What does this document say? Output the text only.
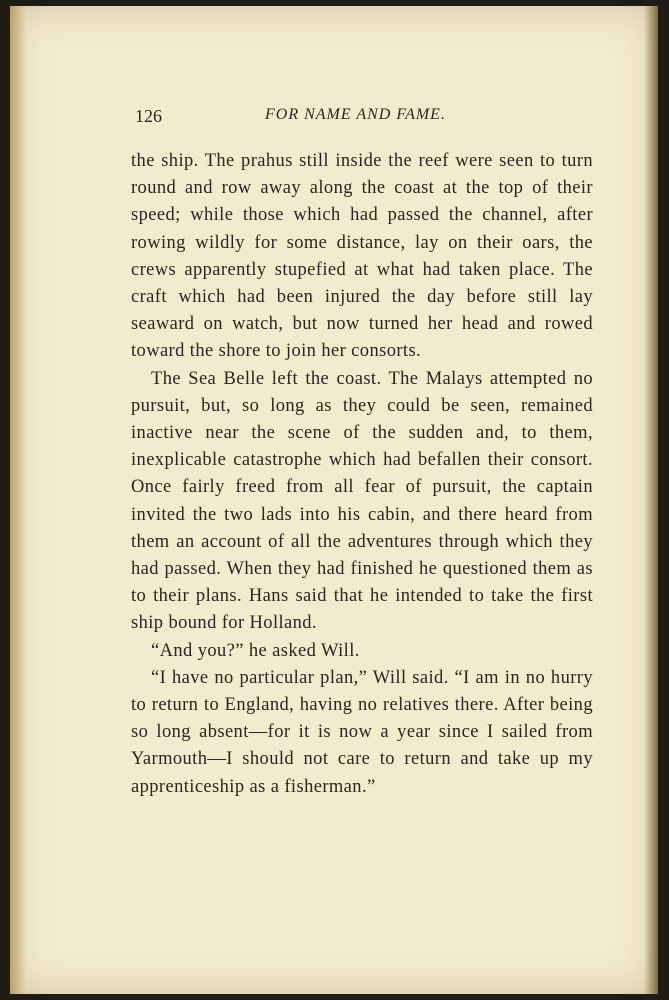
126	FOR NAME AND FAME.

the ship. The prahus still inside the reef were seen to turn round and row away along the coast at the top of their speed; while those which had passed the channel, after rowing wildly for some distance, lay on their oars, the crews apparently stupefied at what had taken place. The craft which had been injured the day before still lay seaward on watch, but now turned her head and rowed toward the shore to join her consorts.

The Sea Belle left the coast. The Malays attempted no pursuit, but, so long as they could be seen, remained inactive near the scene of the sudden and, to them, inexplicable catastrophe which had befallen their consort. Once fairly freed from all fear of pursuit, the captain invited the two lads into his cabin, and there heard from them an account of all the adventures through which they had passed. When they had finished he questioned them as to their plans. Hans said that he intended to take the first ship bound for Holland.

“And you?” he asked Will.

“I have no particular plan,” Will said. “I am in no hurry to return to England, having no relatives there. After being so long absent—for it is now a year since I sailed from Yarmouth—I should not care to return and take up my apprenticeship as a fisherman.”
